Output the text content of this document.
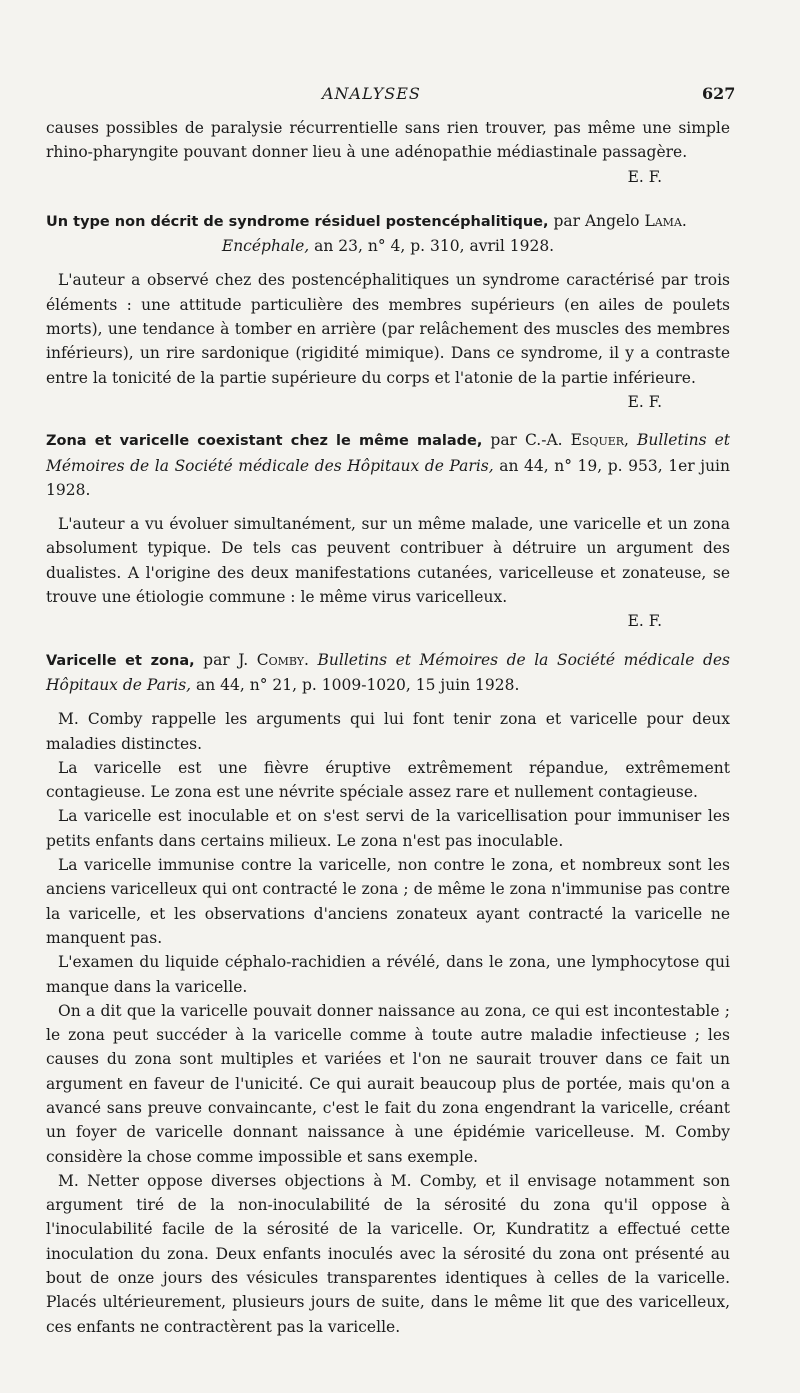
ANALYSES	627

causes possibles de paralysie récurrentielle sans rien trouver, pas même une simple rhino-pharyngite pouvant donner lieu à une adénopathie médiastinale passagère.

E. F.

Un type non décrit de syndrome résiduel postencéphalitique, par Angelo Lama.
Encéphale, an 23, n° 4, p. 310, avril 1928.

L'auteur a observé chez des postencéphalitiques un syndrome caractérisé par trois éléments : une attitude particulière des membres supérieurs (en ailes de poulets morts), une tendance à tomber en arrière (par relâchement des muscles des membres inférieurs), un rire sardonique (rigidité mimique). Dans ce syndrome, il y a contraste entre la tonicité de la partie supérieure du corps et l'atonie de la partie inférieure.

E. F.

Zona et varicelle coexistant chez le même malade, par C.-A. Esquer, Bulletins et Mémoires de la Société médicale des Hôpitaux de Paris, an 44, n° 19, p. 953, 1er juin 1928.

L'auteur a vu évoluer simultanément, sur un même malade, une varicelle et un zona absolument typique. De tels cas peuvent contribuer à détruire un argument des dualistes. A l'origine des deux manifestations cutanées, varicelleuse et zonateuse, se trouve une étiologie commune : le même virus varicelleux.

E. F.

Varicelle et zona, par J. Comby. Bulletins et Mémoires de la Société médicale des Hôpitaux de Paris, an 44, n° 21, p. 1009-1020, 15 juin 1928.

M. Comby rappelle les arguments qui lui font tenir zona et varicelle pour deux maladies distinctes.

La varicelle est une fièvre éruptive extrêmement répandue, extrêmement contagieuse. Le zona est une névrite spéciale assez rare et nullement contagieuse.

La varicelle est inoculable et on s'est servi de la varicellisation pour immuniser les petits enfants dans certains milieux. Le zona n'est pas inoculable.

La varicelle immunise contre la varicelle, non contre le zona, et nombreux sont les anciens varicelleux qui ont contracté le zona ; de même le zona n'immunise pas contre la varicelle, et les observations d'anciens zonateux ayant contracté la varicelle ne manquent pas.

L'examen du liquide céphalo-rachidien a révélé, dans le zona, une lymphocytose qui manque dans la varicelle.

On a dit que la varicelle pouvait donner naissance au zona, ce qui est incontestable ; le zona peut succéder à la varicelle comme à toute autre maladie infectieuse ; les causes du zona sont multiples et variées et l'on ne saurait trouver dans ce fait un argument en faveur de l'unicité. Ce qui aurait beaucoup plus de portée, mais qu'on a avancé sans preuve convaincante, c'est le fait du zona engendrant la varicelle, créant un foyer de varicelle donnant naissance à une épidémie varicelleuse. M. Comby considère la chose comme impossible et sans exemple.

M. Netter oppose diverses objections à M. Comby, et il envisage notamment son argument tiré de la non-inoculabilité de la sérosité du zona qu'il oppose à l'inoculabilité facile de la sérosité de la varicelle. Or, Kundratitz a effectué cette inoculation du zona. Deux enfants inoculés avec la sérosité du zona ont présenté au bout de onze jours des vésicules transparentes identiques à celles de la varicelle. Placés ultérieurement, plusieurs jours de suite, dans le même lit que des varicelleux, ces enfants ne contractèrent pas la varicelle.
